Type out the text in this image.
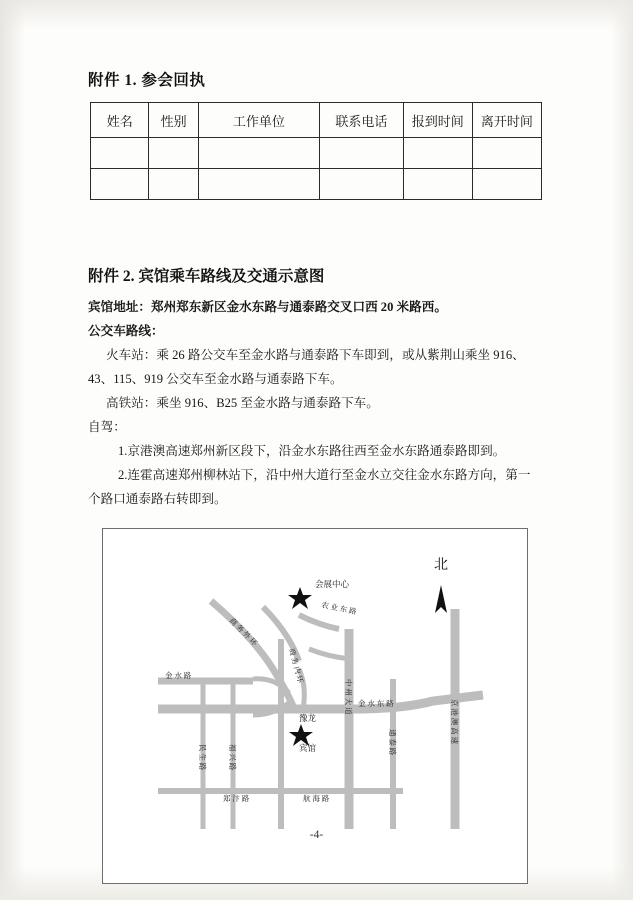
附件 1. 参会回执
姓名	性别	工作单位	联系电话	报到时间	离开时间

附件 2. 宾馆乘车路线及交通示意图

宾馆地址：郑州郑东新区金水东路与通泰路交叉口西 20 米路西。

公交车路线：

火车站：乘 26 路公交车至金水路与通泰路下车即到，或从紫荆山乘坐 916、

43、115、919 公交车至金水路与通泰路下车。

高铁站：乘坐 916、B25 至金水路与通泰路下车。

自驾：

1.京港澳高速郑州新区段下，沿金水东路往西至金水东路通泰路即到。

2.连霍高速郑州柳林站下，沿中州大道行至金水立交往金水东路方向，第一

个路口通泰路右转即到。

北
会展中心
豫龙
宾馆
金 水 路
金 水 东 路
郑 汴 路	航 海 路
中 州 大 道
通 泰 路	京 港 澳 高 速
民 生 路	福 兴 路
商 务 外 环
商 务 内 环
农 业 东 路
-4-
